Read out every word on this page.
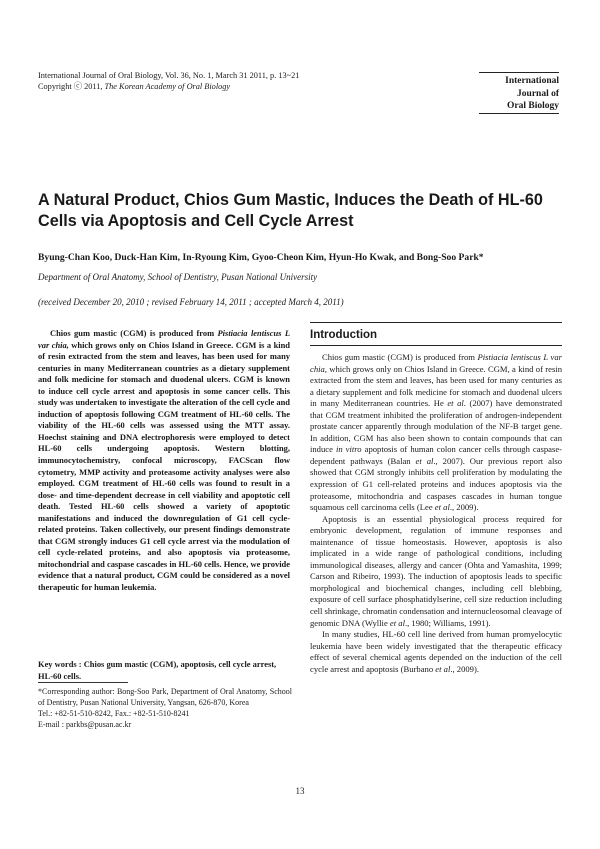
International Journal of Oral Biology, Vol. 36, No. 1, March 31 2011, p. 13~21
Copyright ⓒ 2011, The Korean Academy of Oral Biology
International
Journal of
Oral Biology
A Natural Product, Chios Gum Mastic, Induces the Death of HL-60 Cells via Apoptosis and Cell Cycle Arrest
Byung-Chan Koo, Duck-Han Kim, In-Ryoung Kim, Gyoo-Cheon Kim, Hyun-Ho Kwak, and Bong-Soo Park*
Department of Oral Anatomy, School of Dentistry, Pusan National University
(received December 20, 2010 ; revised February 14, 2011 ; accepted March 4, 2011)

Chios gum mastic (CGM) is produced from Pistiacia lentiscus L var chia, which grows only on Chios Island in Greece. CGM is a kind of resin extracted from the stem and leaves, has been used for many centuries in many Mediterranean countries as a dietary supplement and folk medicine for stomach and duodenal ulcers. CGM is known to induce cell cycle arrest and apoptosis in some cancer cells. This study was undertaken to investigate the alteration of the cell cycle and induction of apoptosis following CGM treatment of HL-60 cells. The viability of the HL-60 cells was assessed using the MTT assay. Hoechst staining and DNA electrophoresis were employed to detect HL-60 cells undergoing apoptosis. Western blotting, immunocytochemistry, confocal microscopy, FACScan flow cytometry, MMP activity and proteasome activity analyses were also employed. CGM treatment of HL-60 cells was found to result in a dose- and time-dependent decrease in cell viability and apoptotic cell death. Tested HL-60 cells showed a variety of apoptotic manifestations and induced the downregulation of G1 cell cycle-related proteins. Taken collectively, our present findings demonstrate that CGM strongly induces G1 cell cycle arrest via the modulation of cell cycle-related proteins, and also apoptosis via proteasome, mitochondrial and caspase cascades in HL-60 cells. Hence, we provide evidence that a natural product, CGM could be considered as a novel therapeutic for human leukemia.

Key words : Chios gum mastic (CGM), apoptosis, cell cycle arrest, HL-60 cells.

*Corresponding author: Bong-Soo Park, Department of Oral Anatomy, School of Dentistry, Pusan National University, Yangsan, 626-870, Korea

Tel.: +82-51-510-8242, Fax.: +82-51-510-8241

E-mail : parkbs@pusan.ac.kr

Introduction

Chios gum mastic (CGM) is produced from Pistiacia lentiscus L var chia, which grows only on Chios Island in Greece. CGM, a kind of resin extracted from the stem and leaves, has been used for many centuries as a dietary supplement and folk medicine for stomach and duodenal ulcers in many Mediterranean countries. He et al. (2007) have demonstrated that CGM treatment inhibited the proliferation of androgen-independent prostate cancer apparently through modulation of the NF-B target gene. In addition, CGM has also been shown to contain compounds that can induce in vitro apoptosis of human colon cancer cells through caspase-dependent pathways (Balan et al., 2007). Our previous report also showed that CGM strongly inhibits cell proliferation by modulating the expression of G1 cell-related proteins and induces apoptosis via the proteasome, mitochondria and caspases cascades in human tongue squamous cell carcinoma cells (Lee et al., 2009).

Apoptosis is an essential physiological process required for embryonic development, regulation of immune responses and maintenance of tissue homeostasis. However, apoptosis is also implicated in a wide range of pathological conditions, including immunological diseases, allergy and cancer (Ohta and Yamashita, 1999; Carson and Ribeiro, 1993). The induction of apoptosis leads to specific morphological and biochemical changes, including cell blebbing, exposure of cell surface phosphatidylserine, cell size reduction including cell shrinkage, chromatin condensation and internucleosomal cleavage of genomic DNA (Wyllie et al., 1980; Williams, 1991).

In many studies, HL-60 cell line derived from human promyelocytic leukemia have been widely investigated that the therapeutic efficacy effect of several chemical agents depended on the induction of the cell cycle arrest and apoptosis (Burbano et al., 2009).

13
